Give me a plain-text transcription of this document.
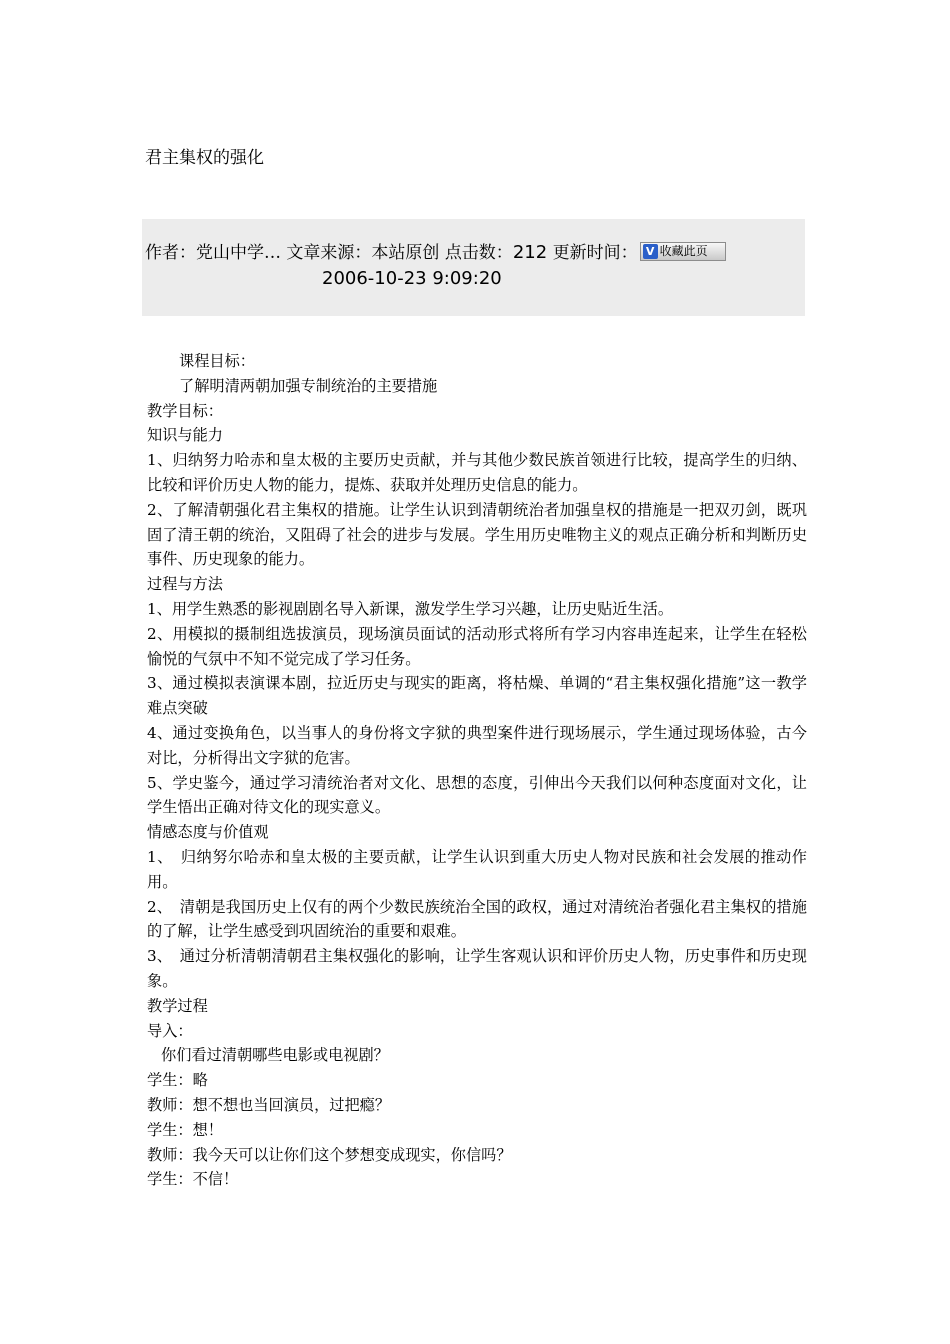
君主集权的强化
作者：党山中学… 文章来源：本站原创 点击数：212 更新时间： V 收藏此页
2006-10-23 9:09:20

课程目标：

了解明清两朝加强专制统治的主要措施

教学目标：

知识与能力

1、归纳努力哈赤和皇太极的主要历史贡献，并与其他少数民族首领进行比较，提高学生的归纳、比较和评价历史人物的能力，提炼、获取并处理历史信息的能力。

2、了解清朝强化君主集权的措施。让学生认识到清朝统治者加强皇权的措施是一把双刃剑，既巩固了清王朝的统治，又阻碍了社会的进步与发展。学生用历史唯物主义的观点正确分析和判断历史事件、历史现象的能力。

过程与方法

1、用学生熟悉的影视剧剧名导入新课，激发学生学习兴趣，让历史贴近生活。

2、用模拟的摄制组选拔演员，现场演员面试的活动形式将所有学习内容串连起来，让学生在轻松愉悦的气氛中不知不觉完成了学习任务。

3、通过模拟表演课本剧，拉近历史与现实的距离，将枯燥、单调的“君主集权强化措施”这一教学难点突破

4、通过变换角色，以当事人的身份将文字狱的典型案件进行现场展示，学生通过现场体验，古今对比，分析得出文字狱的危害。

5、学史鉴今，通过学习清统治者对文化、思想的态度，引伸出今天我们以何种态度面对文化，让学生悟出正确对待文化的现实意义。

情感态度与价值观

1、　归纳努尔哈赤和皇太极的主要贡献，让学生认识到重大历史人物对民族和社会发展的推动作用。

2、　清朝是我国历史上仅有的两个少数民族统治全国的政权，通过对清统治者强化君主集权的措施的了解，让学生感受到巩固统治的重要和艰难。

3、　通过分析清朝清朝君主集权强化的影响，让学生客观认识和评价历史人物，历史事件和历史现象。

教学过程

导入：

你们看过清朝哪些电影或电视剧？

学生：略

教师：想不想也当回演员，过把瘾？

学生：想！

教师：我今天可以让你们这个梦想变成现实，你信吗？

学生：不信！
